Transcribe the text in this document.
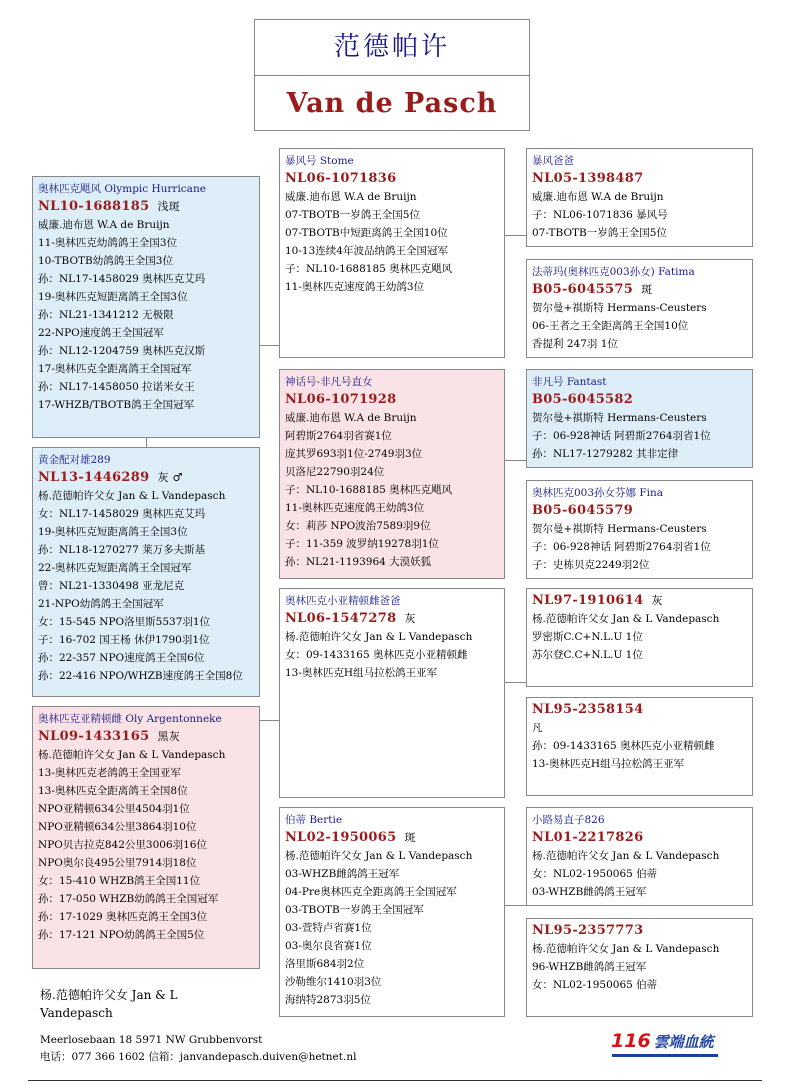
范德帕许
Van de Pasch
奥林匹克飓风 Olympic Hurricane
NL10-1688185 浅斑
威廉.迪布恩 W.A de Bruijn
11-奥林匹克幼鸽鸽王全国3位
10-TBOTB幼鸽鸽王全国3位
孙：NL17-1458029 奥林匹克艾玛
19-奥林匹克短距离鸽王全国3位
孙：NL21-1341212 无极限
22-NPO速度鸽王全国冠军
孙：NL12-1204759 奥林匹克汉斯
17-奥林匹克全距离鸽王全国冠军
孙：NL17-1458050 拉诺米女王
17-WHZB/TBOTB鸽王全国冠军
黄金配对雄289
NL13-1446289 灰 ♂
杨.范德帕许父女 Jan & L Vandepasch
女：NL17-1458029 奥林匹克艾玛
19-奥林匹克短距离鸽王全国3位
孙：NL18-1270277 莱万多夫斯基
22-奥林匹克短距离鸽王全国冠军
曾：NL21-1330498 亚龙尼克
21-NPO幼鸽鸽王全国冠军
女：15-545 NPO洛里斯5537羽1位
子：16-702 国王杨 休伊1790羽1位
孙：22-357 NPO速度鸽王全国6位
孙：22-416 NPO/WHZB速度鸽王全国8位
奥林匹克亚精顿雌 Oly Argentonneke
NL09-1433165 黑灰
杨.范德帕许父女 Jan & L Vandepasch
13-奥林匹克老鸽鸽王全国亚军
13-奥林匹克全距离鸽王全国8位
NPO亚精顿634公里4504羽1位
NPO亚精顿634公里3864羽10位
NPO贝吉拉克842公里3006羽16位
NPO奥尔良495公里7914羽18位
女：15-410 WHZB鸽王全国11位
孙：17-050 WHZB幼鸽鸽王全国冠军
孙：17-1029 奥林匹克鸽王全国3位
孙：17-121 NPO幼鸽鸽王全国5位
暴风号 Stome
NL06-1071836
威廉.迪布恩 W.A de Bruijn
07-TBOTB一岁鸽王全国5位
07-TBOTB中短距离鸽王全国10位
10-13连续4年波品纳鸽王全国冠军
子：NL10-1688185 奥林匹克飓风
11-奥林匹克速度鸽王幼鸽3位
神话号-非凡号直女
NL06-1071928
威廉.迪布恩 W.A de Bruijn
阿碧斯2764羽省赛1位
庞其罗693羽1位-2749羽3位
贝洛尼22790羽24位
子：NL10-1688185 奥林匹克飓风
11-奥林匹克速度鸽王幼鸽3位
女：莉莎 NPO波治7589羽9位
子：11-359 波罗纳19278羽1位
孙：NL21-1193964 大漠妖狐
奥林匹克小亚精顿雌爸爸
NL06-1547278 灰
杨.范德帕许父女 Jan & L Vandepasch
女：09-1433165 奥林匹克小亚精顿雌
13-奥林匹克H组马拉松鸽王亚军
伯蒂 Bertie
NL02-1950065 斑
杨.范德帕许父女 Jan & L Vandepasch
03-WHZB雌鸽鸽王冠军
04-Pre奥林匹克全距离鸽王全国冠军
03-TBOTB一岁鸽王全国冠军
03-萱特卢省赛1位
03-奥尔良省赛1位
洛里斯684羽2位
沙勒维尔1410羽3位
海纳特2873羽5位
暴风爸爸
NL05-1398487
威廉.迪布恩 W.A de Bruijn
子：NL06-1071836 暴风号
07-TBOTB一岁鸽王全国5位
法蒂玛(奥林匹克003孙女) Fatima
B05-6045575 斑
贺尔曼+祺斯特 Hermans-Ceusters
06-王者之王全距离鸽王全国10位
香提利 247羽 1位
非凡号 Fantast
B05-6045582
贺尔曼+祺斯特 Hermans-Ceusters
子：06-928神话 阿碧斯2764羽省1位
孙：NL17-1279282 其非定律
奥林匹克003孙女芬娜 Fina
B05-6045579
贺尔曼+祺斯特 Hermans-Ceusters
子：06-928神话 阿碧斯2764羽省1位
子：史栋贝克2249羽2位
NL97-1910614 灰
杨.范德帕许父女 Jan & L Vandepasch
罗密斯C.C+N.L.U 1位
苏尔登C.C+N.L.U 1位
NL95-2358154
凡
孙：09-1433165 奥林匹克小亚精顿雌
13-奥林匹克H组马拉松鸽王亚军
小路易直子826
NL01-2217826
杨.范德帕许父女 Jan & L Vandepasch
女：NL02-1950065 伯蒂
03-WHZB雌鸽鸽王冠军
NL95-2357773
杨.范德帕许父女 Jan & L Vandepasch
96-WHZB雌鸽鸽王冠军
女：NL02-1950065 伯蒂
杨.范德帕许父女 Jan & L
Vandepasch
Meerlosebaan 18 5971 NW Grubbenvorst
电话：077 366 1602 信箱：janvandepasch.duiven@hetnet.nl
116 雲端血統
